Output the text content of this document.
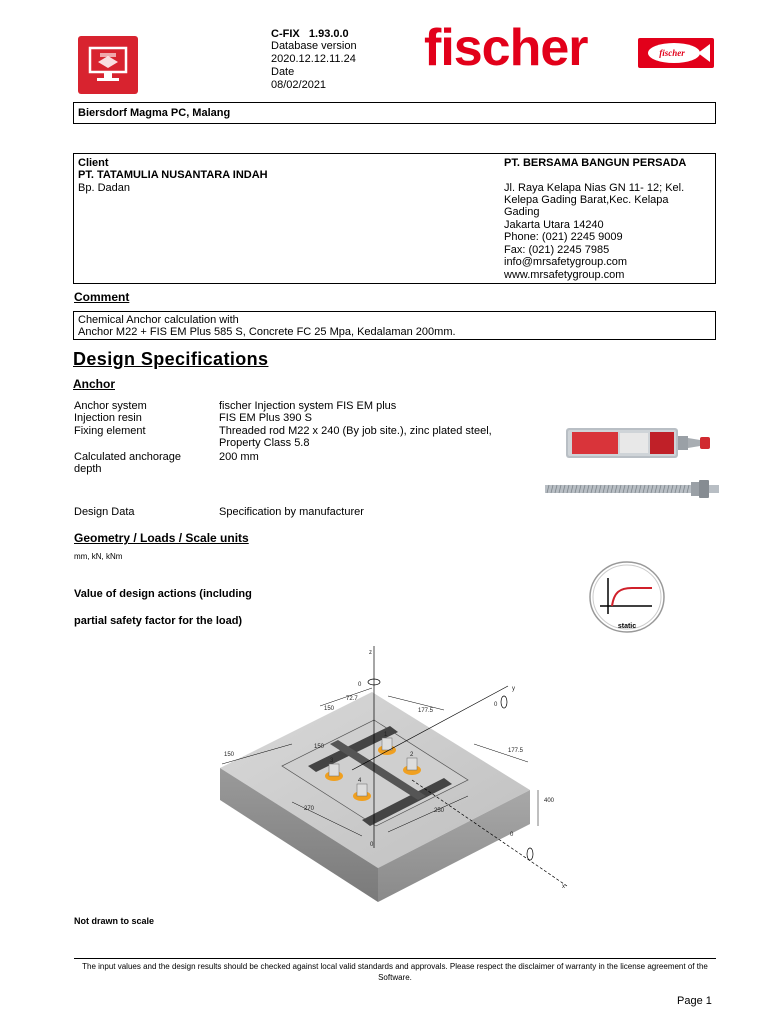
C-FIX 1.93.0.0
Database version
2020.12.12.11.24
Date
08/02/2021
fischer	fischer
Biersdorf Magma PC, Malang
Client
PT. TATAMULIA NUSANTARA INDAH
Bp. Dadan
PT. BERSAMA BANGUN PERSADA
Jl. Raya Kelapa Nias GN 11- 12; Kel.
Kelepa Gading Barat,Kec. Kelapa
Gading
Jakarta Utara 14240
Phone: (021) 2245 9009
Fax: (021) 2245 7985
info@mrsafetygroup.com
www.mrsafetygroup.com
Comment
Chemical Anchor calculation with
Anchor M22 + FIS EM Plus 585 S, Concrete FC 25 Mpa, Kedalaman 200mm.
Design Specifications
Anchor
Anchor system	fischer Injection system FIS EM plus
Injection resin	FIS EM Plus 390 S
Fixing element	Threaded rod M22 x 240 (By job site.), zinc plated steel,
Property Class 5.8
Calculated anchorage	200 mm
depth
Design Data	Specification by manufacturer
Geometry / Loads / Scale units
mm, kN, kNm
Value of design actions (including
partial safety factor for the load)	static
z
x
y
72.7
150	177.5
150
150
177.5
270	250
400
0
0
0
0
1
2
3
4
Not drawn to scale
The input values and the design results should be checked against local valid standards and approvals. Please respect the disclaimer of warranty in the license agreement of the Software.
Page 1
